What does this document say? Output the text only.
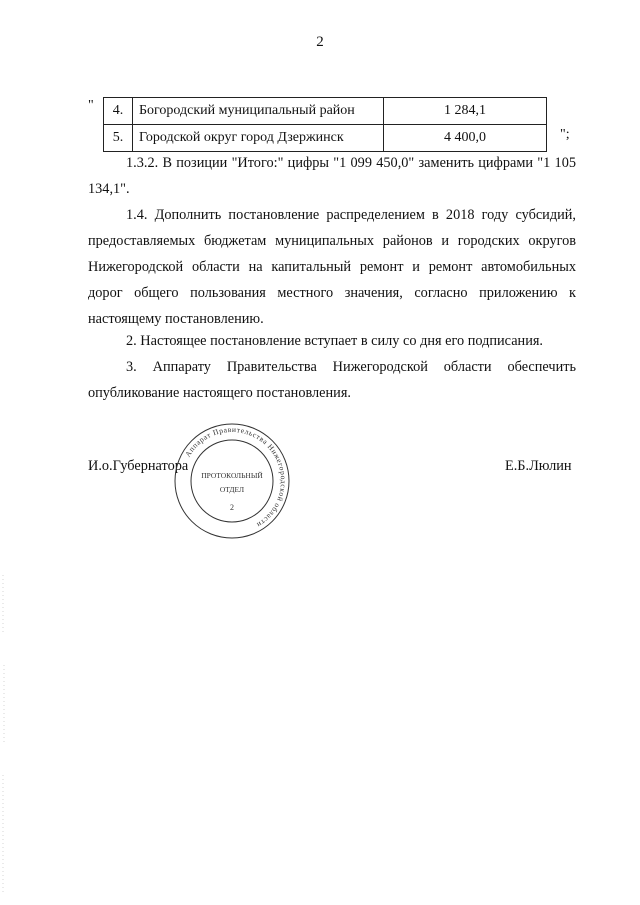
2
" 4.	Богородский муниципальный район	1 284,1
5.	Городской округ город Дзержинск	4 400,0	";
1.3.2. В позиции "Итого:" цифры "1 099 450,0" заменить цифрами "1 105 134,1".
1.4. Дополнить постановление распределением в 2018 году субсидий, предоставляемых бюджетам муниципальных районов и городских округов Нижегородской области на капитальный ремонт и ремонт автомобильных дорог общего пользования местного значения, согласно приложению к настоящему постановлению.
2. Настоящее постановление вступает в силу со дня его подписания.
3. Аппарату Правительства Нижегородской области обеспечить опубликование настоящего постановления.
И.о.Губернатора	Е.Б.Люлин
Аппарат Правительства Нижегородской области
ПРОТОКОЛЬНЫЙ
ОТДЕЛ
2
